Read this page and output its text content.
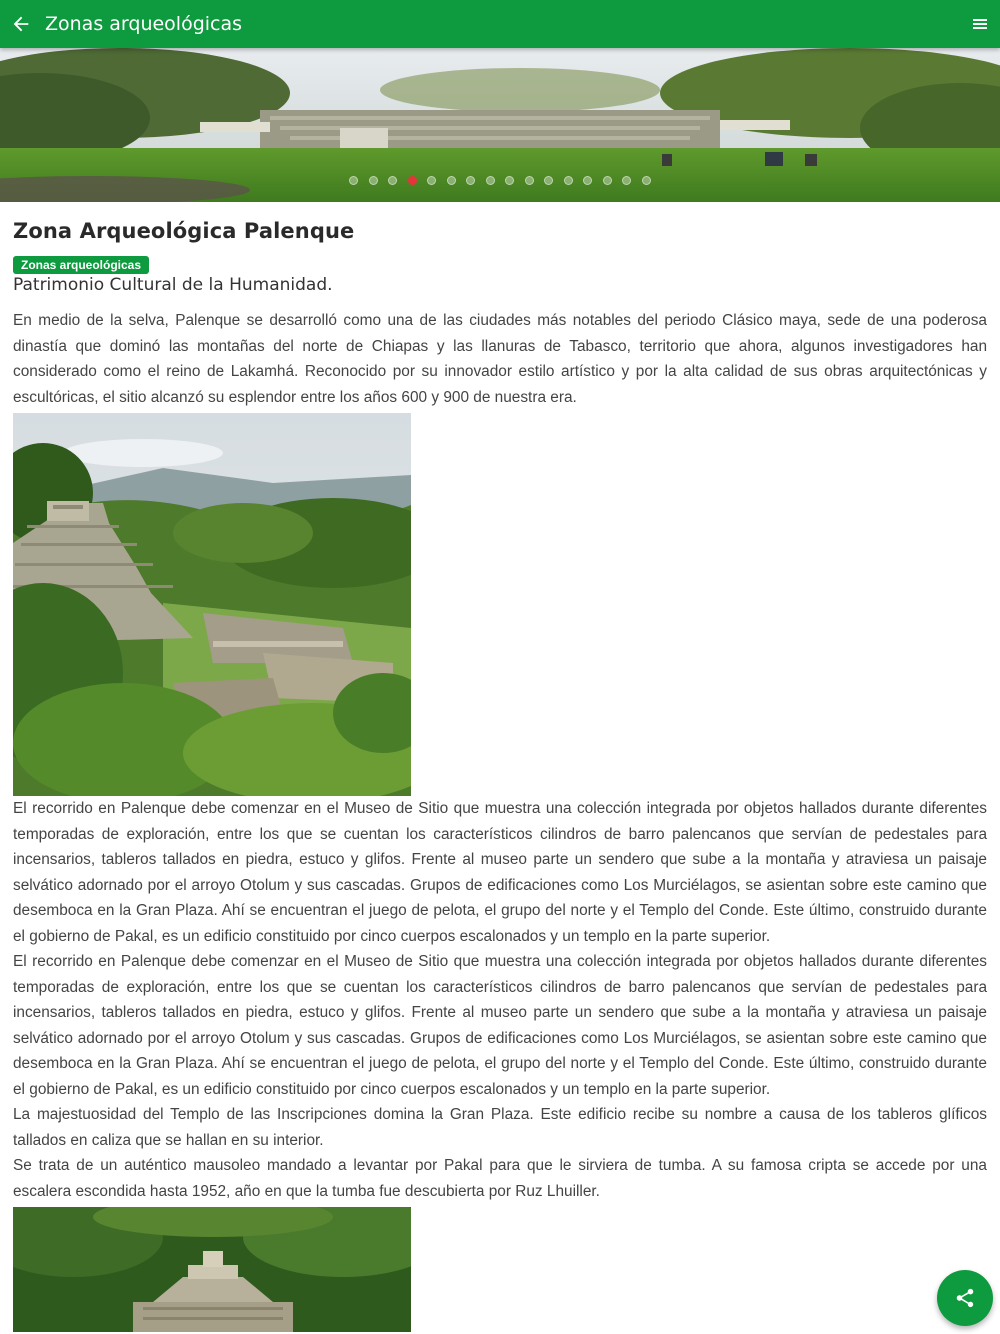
Zonas arqueológicas
Zona Arqueológica Palenque
Zonas arqueológicas
Patrimonio Cultural de la Humanidad.

En medio de la selva, Palenque se desarrolló como una de las ciudades más notables del periodo Clásico maya, sede de una poderosa dinastía que dominó las montañas del norte de Chiapas y las llanuras de Tabasco, territorio que ahora, algunos investigadores han considerado como el reino de Lakamhá. Reconocido por su innovador estilo artístico y por la alta calidad de sus obras arquitectónicas y escultóricas, el sitio alcanzó su esplendor entre los años 600 y 900 de nuestra era.

El recorrido en Palenque debe comenzar en el Museo de Sitio que muestra una colección integrada por objetos hallados durante diferentes temporadas de exploración, entre los que se cuentan los característicos cilindros de barro palencanos que servían de pedestales para incensarios, tableros tallados en piedra, estuco y glifos. Frente al museo parte un sendero que sube a la montaña y atraviesa un paisaje selvático adornado por el arroyo Otolum y sus cascadas. Grupos de edificaciones como Los Murciélagos, se asientan sobre este camino que desemboca en la Gran Plaza. Ahí se encuentran el juego de pelota, el grupo del norte y el Templo del Conde. Este último, construido durante el gobierno de Pakal, es un edificio constituido por cinco cuerpos escalonados y un templo en la parte superior.

El recorrido en Palenque debe comenzar en el Museo de Sitio que muestra una colección integrada por objetos hallados durante diferentes temporadas de exploración, entre los que se cuentan los característicos cilindros de barro palencanos que servían de pedestales para incensarios, tableros tallados en piedra, estuco y glifos. Frente al museo parte un sendero que sube a la montaña y atraviesa un paisaje selvático adornado por el arroyo Otolum y sus cascadas. Grupos de edificaciones como Los Murciélagos, se asientan sobre este camino que desemboca en la Gran Plaza. Ahí se encuentran el juego de pelota, el grupo del norte y el Templo del Conde. Este último, construido durante el gobierno de Pakal, es un edificio constituido por cinco cuerpos escalonados y un templo en la parte superior.

La majestuosidad del Templo de las Inscripciones domina la Gran Plaza. Este edificio recibe su nombre a causa de los tableros glíficos tallados en caliza que se hallan en su interior.

Se trata de un auténtico mausoleo mandado a levantar por Pakal para que le sirviera de tumba. A su famosa cripta se accede por una escalera escondida hasta 1952, año en que la tumba fue descubierta por Ruz Lhuiller.
